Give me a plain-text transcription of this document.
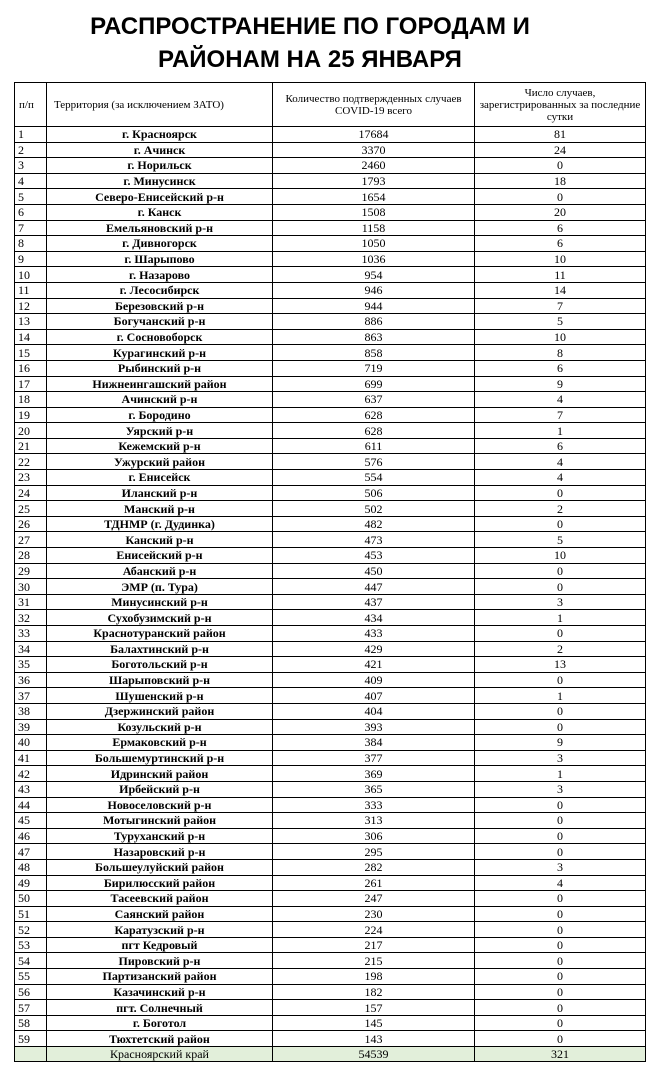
РАСПРОСТРАНЕНИЕ ПО ГОРОДАМ И
РАЙОНАМ НА 25 ЯНВАРЯ
п/п	Территория (за исключением ЗАТО)	Количество подтвержденных случаев COVID-19 всего	Число случаев, зарегистрированных за последние сутки
1	г. Красноярск	17684	81
2	г. Ачинск	3370	24
3	г. Норильск	2460	0
4	г. Минусинск	1793	18
5	Северо-Енисейский р-н	1654	0
6	г. Канск	1508	20
7	Емельяновский р-н	1158	6
8	г. Дивногорск	1050	6
9	г. Шарыпово	1036	10
10	г. Назарово	954	11
11	г. Лесосибирск	946	14
12	Березовский р-н	944	7
13	Богучанский р-н	886	5
14	г. Сосновоборск	863	10
15	Курагинский р-н	858	8
16	Рыбинский р-н	719	6
17	Нижнеингашский район	699	9
18	Ачинский р-н	637	4
19	г. Бородино	628	7
20	Уярский р-н	628	1
21	Кежемский р-н	611	6
22	Ужурский район	576	4
23	г. Енисейск	554	4
24	Иланский р-н	506	0
25	Манский р-н	502	2
26	ТДНМР (г. Дудинка)	482	0
27	Канский р-н	473	5
28	Енисейский р-н	453	10
29	Абанский р-н	450	0
30	ЭМР (п. Тура)	447	0
31	Минусинский р-н	437	3
32	Сухобузимский р-н	434	1
33	Краснотуранский район	433	0
34	Балахтинский р-н	429	2
35	Боготольский р-н	421	13
36	Шарыповский р-н	409	0
37	Шушенский р-н	407	1
38	Дзержинский район	404	0
39	Козульский р-н	393	0
40	Ермаковский р-н	384	9
41	Большемуртинский р-н	377	3
42	Идринский район	369	1
43	Ирбейский р-н	365	3
44	Новоселовский р-н	333	0
45	Мотыгинский район	313	0
46	Туруханский р-н	306	0
47	Назаровский р-н	295	0
48	Большеулуйский район	282	3
49	Бирилюсский район	261	4
50	Тасеевский район	247	0
51	Саянский район	230	0
52	Каратузский р-н	224	0
53	пгт Кедровый	217	0
54	Пировский р-н	215	0
55	Партизанский район	198	0
56	Казачинский р-н	182	0
57	пгт. Солнечный	157	0
58	г. Боготол	145	0
59	Тюхтетский район	143	0
	Красноярский край	54539	321
